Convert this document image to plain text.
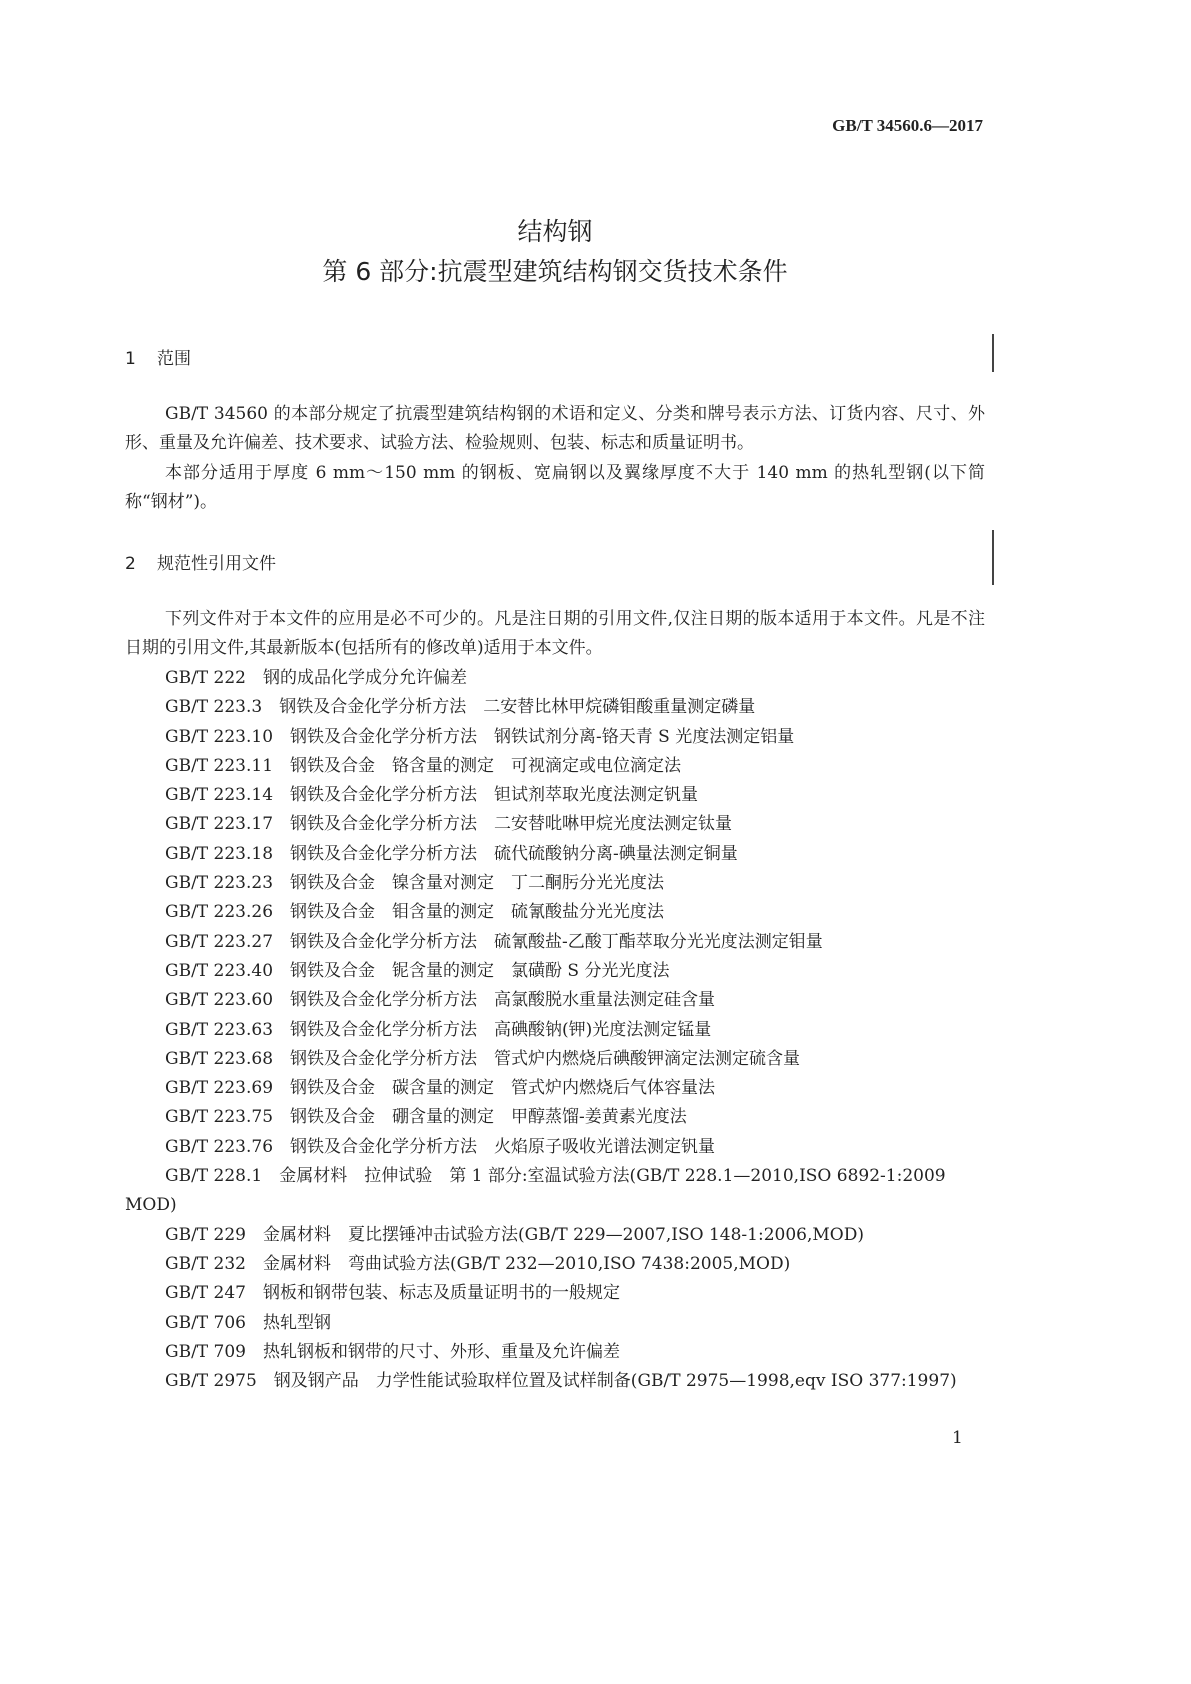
GB/T 34560.6—2017
结构钢
第 6 部分:抗震型建筑结构钢交货技术条件
1 范围
GB/T 34560 的本部分规定了抗震型建筑结构钢的术语和定义、分类和牌号表示方法、订货内容、尺寸、外形、重量及允许偏差、技术要求、试验方法、检验规则、包装、标志和质量证明书。
本部分适用于厚度 6 mm～150 mm 的钢板、宽扁钢以及翼缘厚度不大于 140 mm 的热轧型钢(以下简称“钢材”)。
2 规范性引用文件
下列文件对于本文件的应用是必不可少的。凡是注日期的引用文件,仅注日期的版本适用于本文件。凡是不注日期的引用文件,其最新版本(包括所有的修改单)适用于本文件。
GB/T 222　钢的成品化学成分允许偏差
GB/T 223.3　钢铁及合金化学分析方法　二安替比林甲烷磷钼酸重量测定磷量
GB/T 223.10　钢铁及合金化学分析方法　钢铁试剂分离-铬天青 S 光度法测定铝量
GB/T 223.11　钢铁及合金　铬含量的测定　可视滴定或电位滴定法
GB/T 223.14　钢铁及合金化学分析方法　钽试剂萃取光度法测定钒量
GB/T 223.17　钢铁及合金化学分析方法　二安替吡啉甲烷光度法测定钛量
GB/T 223.18　钢铁及合金化学分析方法　硫代硫酸钠分离-碘量法测定铜量
GB/T 223.23　钢铁及合金　镍含量对测定　丁二酮肟分光光度法
GB/T 223.26　钢铁及合金　钼含量的测定　硫氰酸盐分光光度法
GB/T 223.27　钢铁及合金化学分析方法　硫氰酸盐-乙酸丁酯萃取分光光度法测定钼量
GB/T 223.40　钢铁及合金　铌含量的测定　氯磺酚 S 分光光度法
GB/T 223.60　钢铁及合金化学分析方法　高氯酸脱水重量法测定硅含量
GB/T 223.63　钢铁及合金化学分析方法　高碘酸钠(钾)光度法测定锰量
GB/T 223.68　钢铁及合金化学分析方法　管式炉内燃烧后碘酸钾滴定法测定硫含量
GB/T 223.69　钢铁及合金　碳含量的测定　管式炉内燃烧后气体容量法
GB/T 223.75　钢铁及合金　硼含量的测定　甲醇蒸馏-姜黄素光度法
GB/T 223.76　钢铁及合金化学分析方法　火焰原子吸收光谱法测定钒量
GB/T 228.1　金属材料　拉伸试验　第 1 部分:室温试验方法(GB/T 228.1—2010,ISO 6892-1:2009 MOD)
GB/T 229　金属材料　夏比摆锤冲击试验方法(GB/T 229—2007,ISO 148-1:2006,MOD)
GB/T 232　金属材料　弯曲试验方法(GB/T 232—2010,ISO 7438:2005,MOD)
GB/T 247　钢板和钢带包装、标志及质量证明书的一般规定
GB/T 706　热轧型钢
GB/T 709　热轧钢板和钢带的尺寸、外形、重量及允许偏差
GB/T 2975　钢及钢产品　力学性能试验取样位置及试样制备(GB/T 2975—1998,eqv ISO 377:1997)
1
